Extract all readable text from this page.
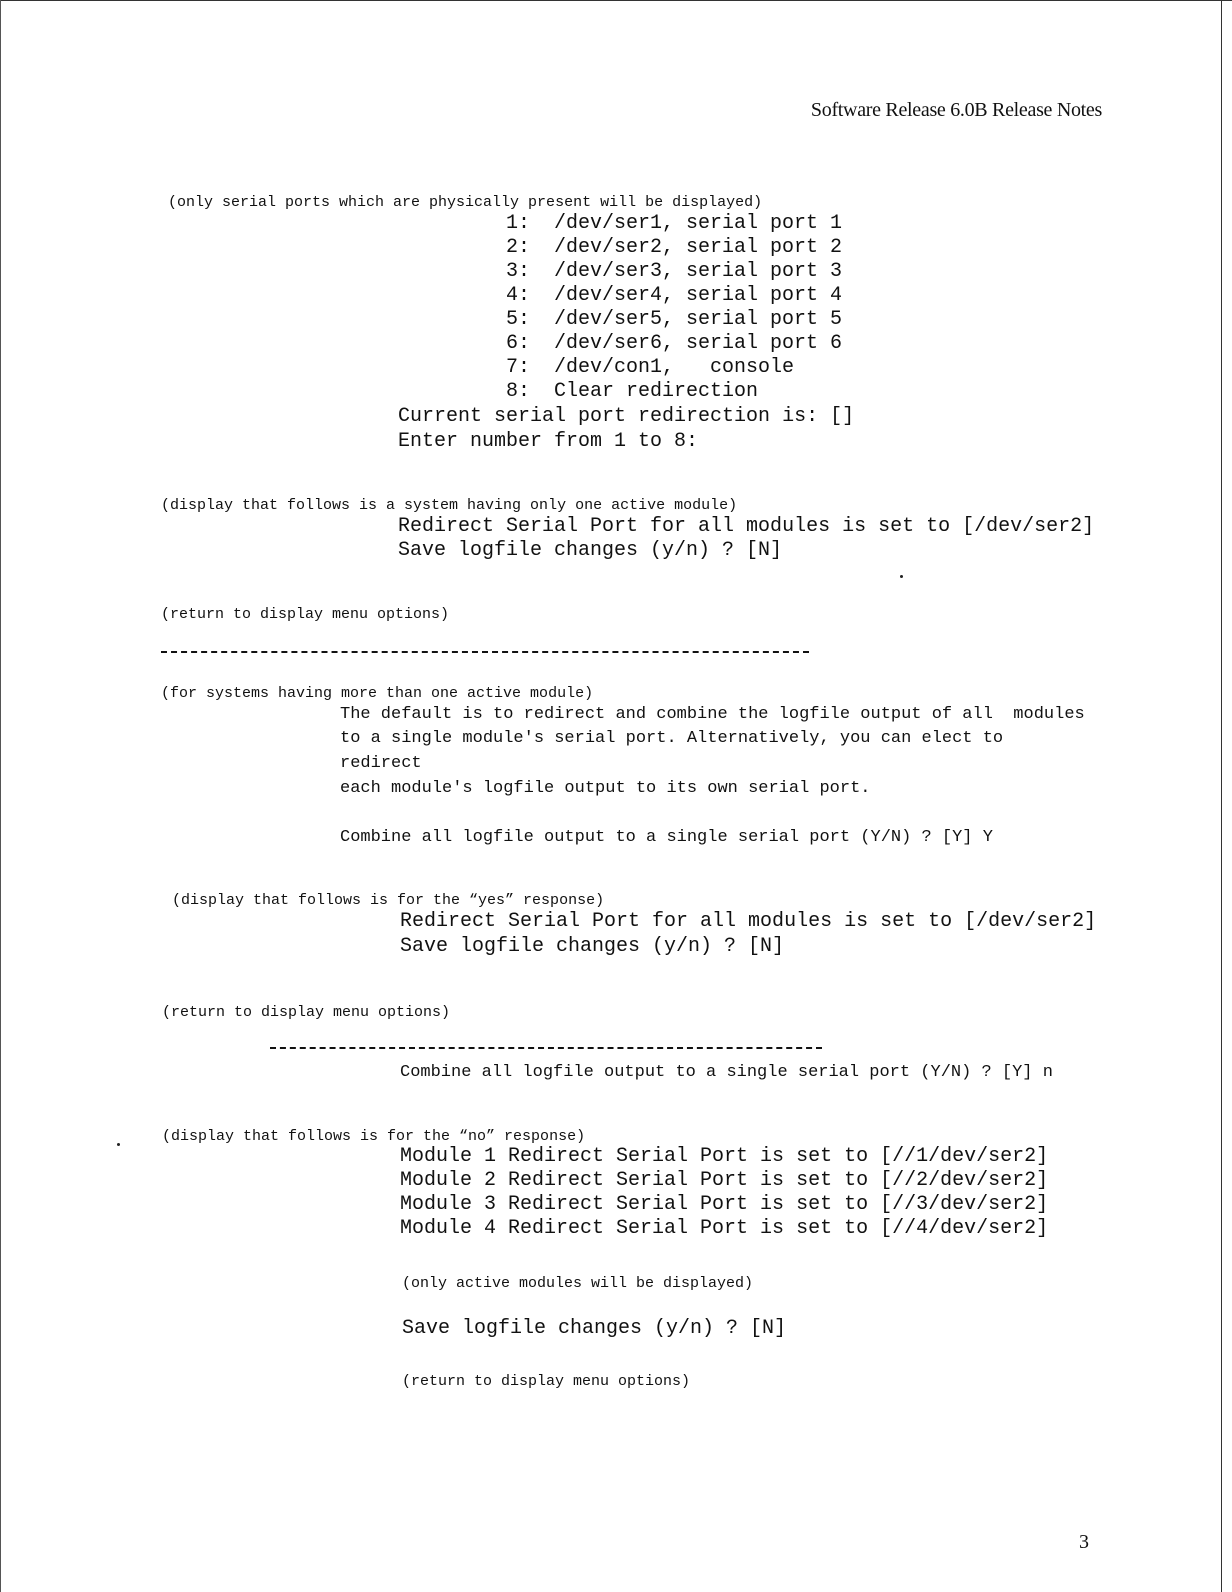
Software Release 6.0B Release Notes
(only serial ports which are physically present will be displayed)
1:  /dev/ser1, serial port 1
2:  /dev/ser2, serial port 2
3:  /dev/ser3, serial port 3
4:  /dev/ser4, serial port 4
5:  /dev/ser5, serial port 5
6:  /dev/ser6, serial port 6
7:  /dev/con1,   console
8:  Clear redirection
Current serial port redirection is: []
Enter number from 1 to 8:
(display that follows is a system having only one active module)
Redirect Serial Port for all modules is set to [/dev/ser2]
Save logfile changes (y/n) ? [N]
(return to display menu options)
(for systems having more than one active module)
The default is to redirect and combine the logfile output of all  modules
to a single module's serial port. Alternatively, you can elect to
redirect
each module's logfile output to its own serial port.
Combine all logfile output to a single serial port (Y/N) ? [Y] Y
(display that follows is for the “yes” response)
Redirect Serial Port for all modules is set to [/dev/ser2]
Save logfile changes (y/n) ? [N]
(return to display menu options)
Combine all logfile output to a single serial port (Y/N) ? [Y] n
(display that follows is for the “no” response)
Module 1 Redirect Serial Port is set to [//1/dev/ser2]
Module 2 Redirect Serial Port is set to [//2/dev/ser2]
Module 3 Redirect Serial Port is set to [//3/dev/ser2]
Module 4 Redirect Serial Port is set to [//4/dev/ser2]
(only active modules will be displayed)
Save logfile changes (y/n) ? [N]
(return to display menu options)
3
